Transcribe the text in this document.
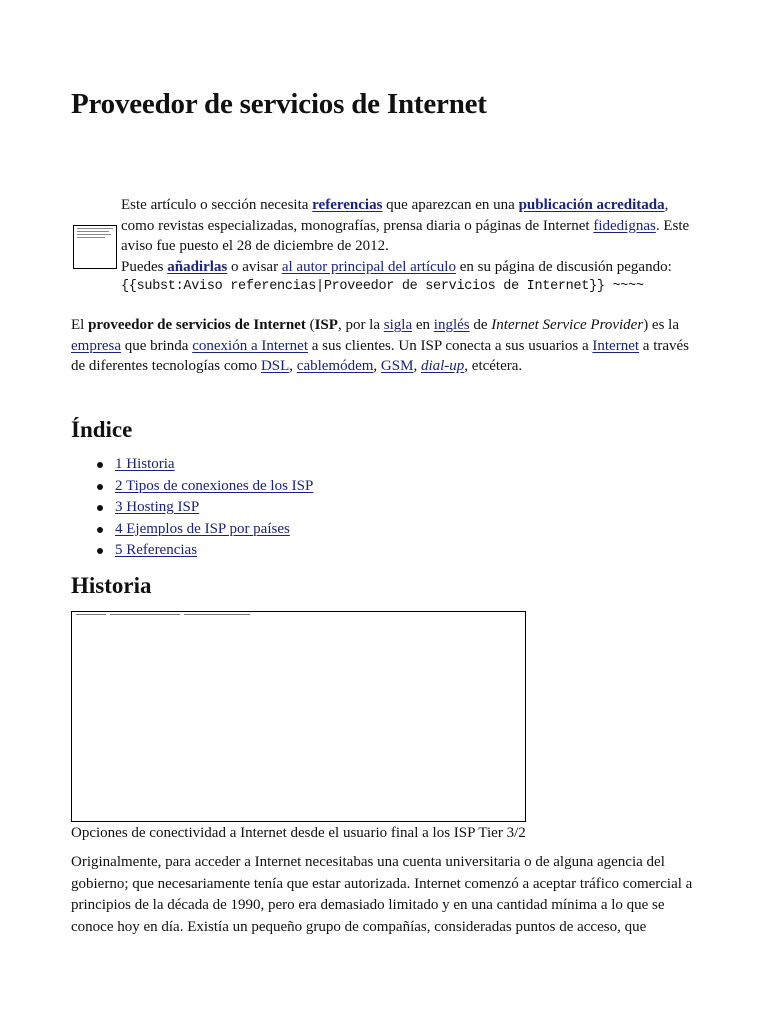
Proveedor de servicios de Internet
Este artículo o sección necesita referencias que aparezcan en una publicación acreditada, como revistas especializadas, monografías, prensa diaria o páginas de Internet fidedignas. Este aviso fue puesto el 28 de diciembre de 2012.
Puedes añadirlas o avisar al autor principal del artículo en su página de discusión pegando:
{{subst:Aviso referencias|Proveedor de servicios de Internet}} ~~~~
El proveedor de servicios de Internet (ISP, por la sigla en inglés de Internet Service Provider) es la empresa que brinda conexión a Internet a sus clientes. Un ISP conecta a sus usuarios a Internet a través de diferentes tecnologías como DSL, cablemódem, GSM, dial-up, etcétera.
Índice
1 Historia
2 Tipos de conexiones de los ISP
3 Hosting ISP
4 Ejemplos de ISP por países
5 Referencias
Historia
Opciones de conectividad a Internet desde el usuario final a los ISP Tier 3/2
Originalmente, para acceder a Internet necesitabas una cuenta universitaria o de alguna agencia del gobierno; que necesariamente tenía que estar autorizada. Internet comenzó a aceptar tráfico comercial a principios de la década de 1990, pero era demasiado limitado y en una cantidad mínima a lo que se conoce hoy en día. Existía un pequeño grupo de compañías, consideradas puntos de acceso, que
